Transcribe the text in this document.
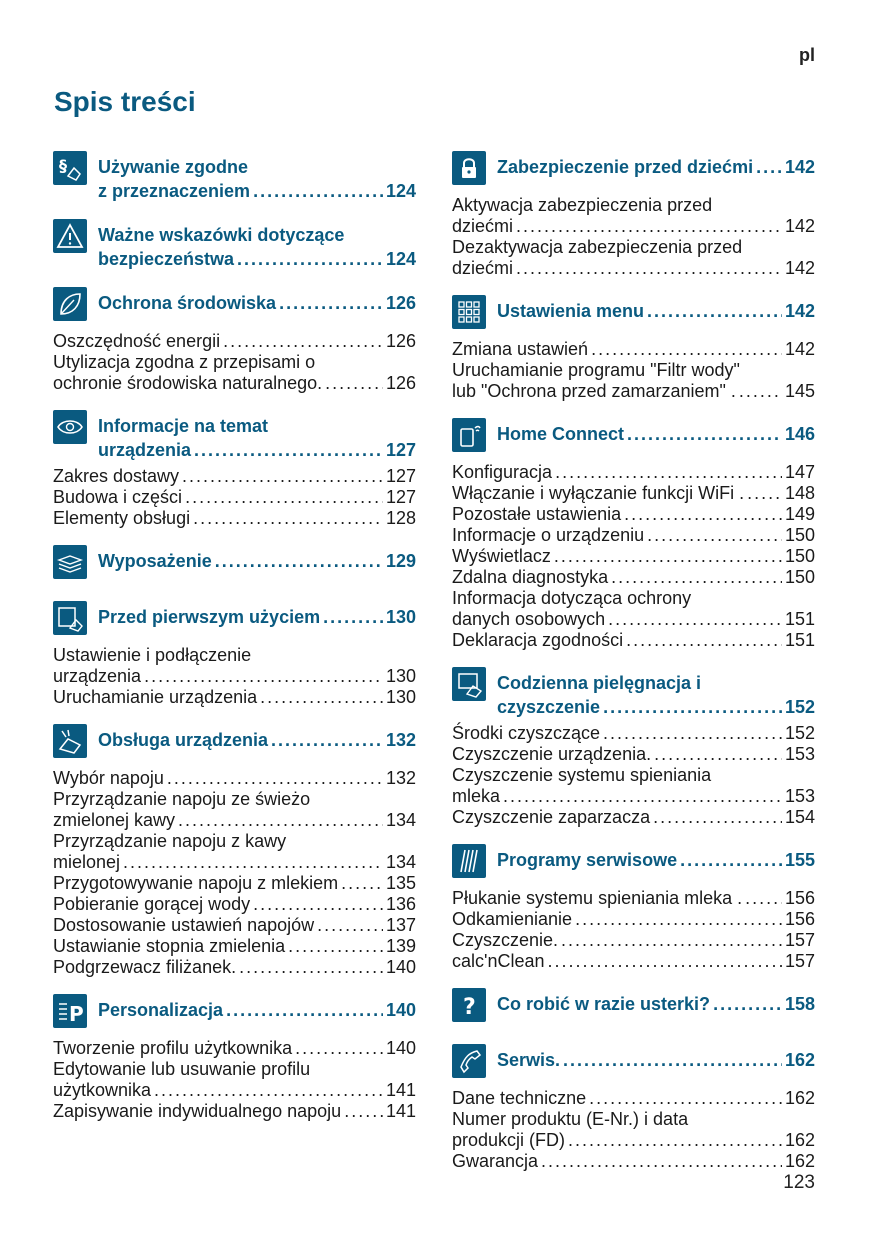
pl
Spis treści
§ Używanie zgodne
z przeznaczeniem .....	124
Ważne wskazówki dotyczące
bezpieczeństwa .....	124
Ochrona środowiska .....	126
Oszczędność energii .....	126
Utylizacja zgodna z przepisami o
ochronie środowiska naturalnego. .....	126
Informacje na temat
urządzenia .....	127
Zakres dostawy .....	127
Budowa i części .....	127
Elementy obsługi .....	128
Wyposażenie .....	129
Przed pierwszym użyciem .....	130
Ustawienie i podłączenie
urządzenia .....	130
Uruchamianie urządzenia .....	130
Obsługa urządzenia .....	132
Wybór napoju .....	132
Przyrządzanie napoju ze świeżo
zmielonej kawy .....	134
Przyrządzanie napoju z kawy
mielonej .....	134
Przygotowywanie napoju z mlekiem .....	135
Pobieranie gorącej wody .....	136
Dostosowanie ustawień napojów .....	137
Ustawianie stopnia zmielenia .....	139
Podgrzewacz filiżanek. .....	140
P Personalizacja .....	140
Tworzenie profilu użytkownika .....	140
Edytowanie lub usuwanie profilu
użytkownika .....	141
Zapisywanie indywidualnego napoju ..... 141
Zabezpieczenie przed dziećmi ..... 142
Aktywacja zabezpieczenia przed
dziećmi .....	142
Dezaktywacja zabezpieczenia przed
dziećmi .....	142
Ustawienia menu .....	142
Zmiana ustawień .....	142
Uruchamianie programu "Filtr wody"
lub "Ochrona przed zamarzaniem" . .....	145
Home Connect .....	146
Konfiguracja .....	147
Włączanie i wyłączanie funkcji WiFi . ..... 148
Pozostałe ustawienia .....	149
Informacje o urządzeniu .....	150
Wyświetlacz .....	150
Zdalna diagnostyka .....	150
Informacja dotycząca ochrony
danych osobowych .....	151
Deklaracja zgodności .....	151
Codzienna pielęgnacja i
czyszczenie .....	152
Środki czyszczące .....	152
Czyszczenie urządzenia. .....	153
Czyszczenie systemu spieniania
mleka .....	153
Czyszczenie zaparzacza .....	154
Programy serwisowe .....	155
Płukanie systemu spieniania mleka . ..... 156
Odkamienianie .....	156
Czyszczenie. .....	157
calc'nClean .....	157
? Co robić w razie usterki? .....	158
Serwis. .....	162
Dane techniczne .....	162
Numer produktu (E-Nr.) i data
produkcji (FD) .....	162
Gwarancja .....	162
123
